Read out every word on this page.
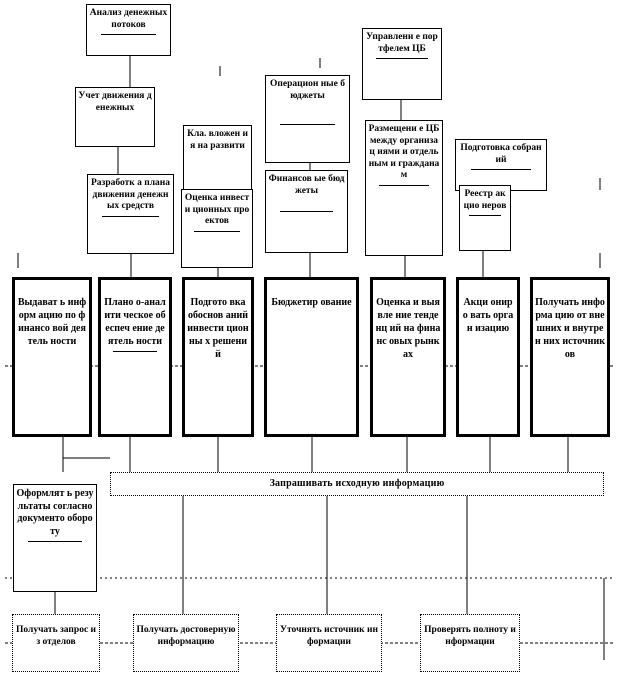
Анализ денежных потоков
Управлени е портфелем ЦБ
Учет движения денежных
Операцион ные бюджеты
Кла. вложен ия на развити
Размещени е ЦБ между организац иями и отдельным и гражданам
Подготовка собраний
Разработк а плана движения денежных средств
Оценка инвести ционных проектов
Финансов ые бюджеты	Реестр акцио неров
Выдават ь информ ацию по финансо вой деятель ности
Плано о-аналити ческое обеспеч ение деятель ности
Подгото вка обоснов аний инвести ционны х решени й
Бюджетир ование	Оценка и выявле ние тенденц ий на финанс овых рынках
Акци ониро вать орган изацию
Получать информа цию от внешних и внутрен них источник ов
Запрашивать исходную информацию
Оформлят ь результаты согласно документо обороту
Получать запрос из отделов
Получать достоверную информацию
Уточнять источник информации
Проверять полноту информации
